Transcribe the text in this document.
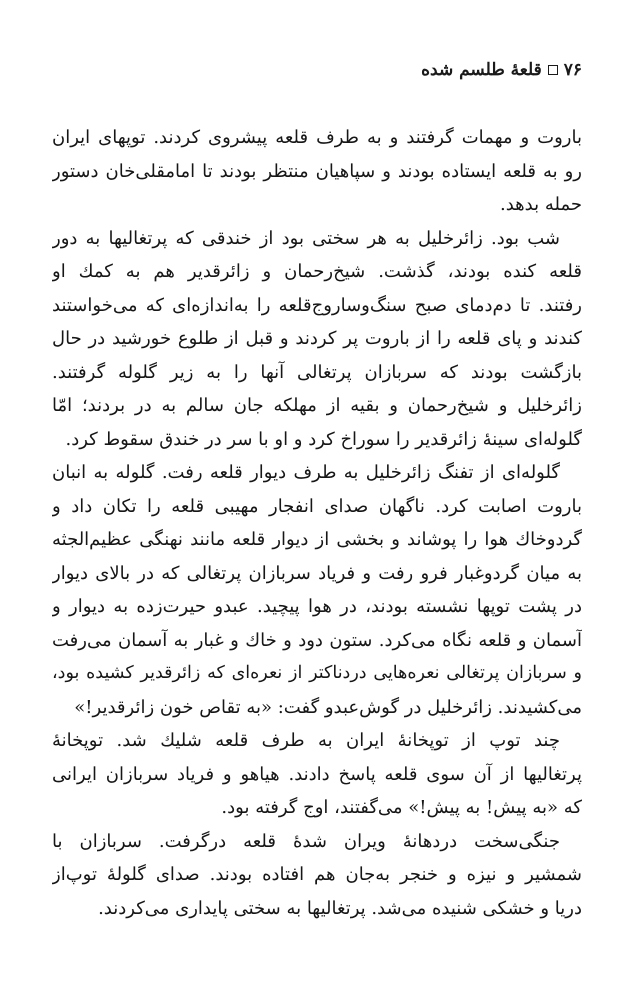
۷۶
قلعهٔ طلسم شده
باروت و مهمات گرفتند و به طرف قلعه پیشروی کردند. توپهای ایران
رو به قلعه ایستاده بودند و سپاهیان منتظر بودند تا امامقلی‌خان دستور
حمله بدهد.
شب بود. زائرخلیل به هر سختی بود از خندقی که پرتغالیها به دور
قلعه کنده بودند، گذشت. شیخ‌رحمان و زائرقدیر هم به کمك او
رفتند. تا دم‌دمای صبح سنگ‌وساروج‌قلعه را به‌اندازه‌ای که می‌خواستند
کندند و پای قلعه را از باروت پر کردند و قبل از طلوع خورشید در حال
بازگشت بودند که سربازان پرتغالی آنها را به زیر گلوله گرفتند.
زائرخلیل و شیخ‌رحمان و بقیه از مهلکه جان سالم به در بردند؛ امّا
گلوله‌ای سینهٔ زائرقدیر را سوراخ کرد و او با سر در خندق سقوط کرد.
گلوله‌ای از تفنگ زائرخلیل به طرف دیوار قلعه رفت. گلوله به انبان
باروت اصابت کرد. ناگهان صدای انفجار مهیبی قلعه را تکان داد و
گردوخاك هوا را پوشاند و بخشی از دیوار قلعه مانند نهنگی عظیم‌الجثه
به میان گردوغبار فرو رفت و فریاد سربازان پرتغالی که در بالای دیوار
در پشت توپها نشسته بودند، در هوا پیچید. عبدو حیرت‌زده به دیوار و
آسمان و قلعه نگاه می‌کرد. ستون دود و خاك و غبار به آسمان می‌رفت
و سربازان پرتغالی نعره‌هایی دردناکتر از نعره‌ای که زائرقدیر کشیده بود،
می‌کشیدند. زائرخلیل در گوش‌عبدو گفت: «به تقاص خون زائرقدیر!»
چند توپ از توپخانهٔ ایران به طرف قلعه شلیك شد. توپخانهٔ
پرتغالیها از آن سوی قلعه پاسخ دادند. هیاهو و فریاد سربازان ایرانی
که «به پیش! به پیش!» می‌گفتند، اوج گرفته بود.
جنگی‌سخت دردهانهٔ ویران شدهٔ قلعه درگرفت. سربازان با
شمشیر و نیزه و خنجر به‌جان هم افتاده بودند. صدای گلولهٔ توپ‌از
دریا و خشکی شنیده می‌شد. پرتغالیها به سختی پایداری می‌کردند.
